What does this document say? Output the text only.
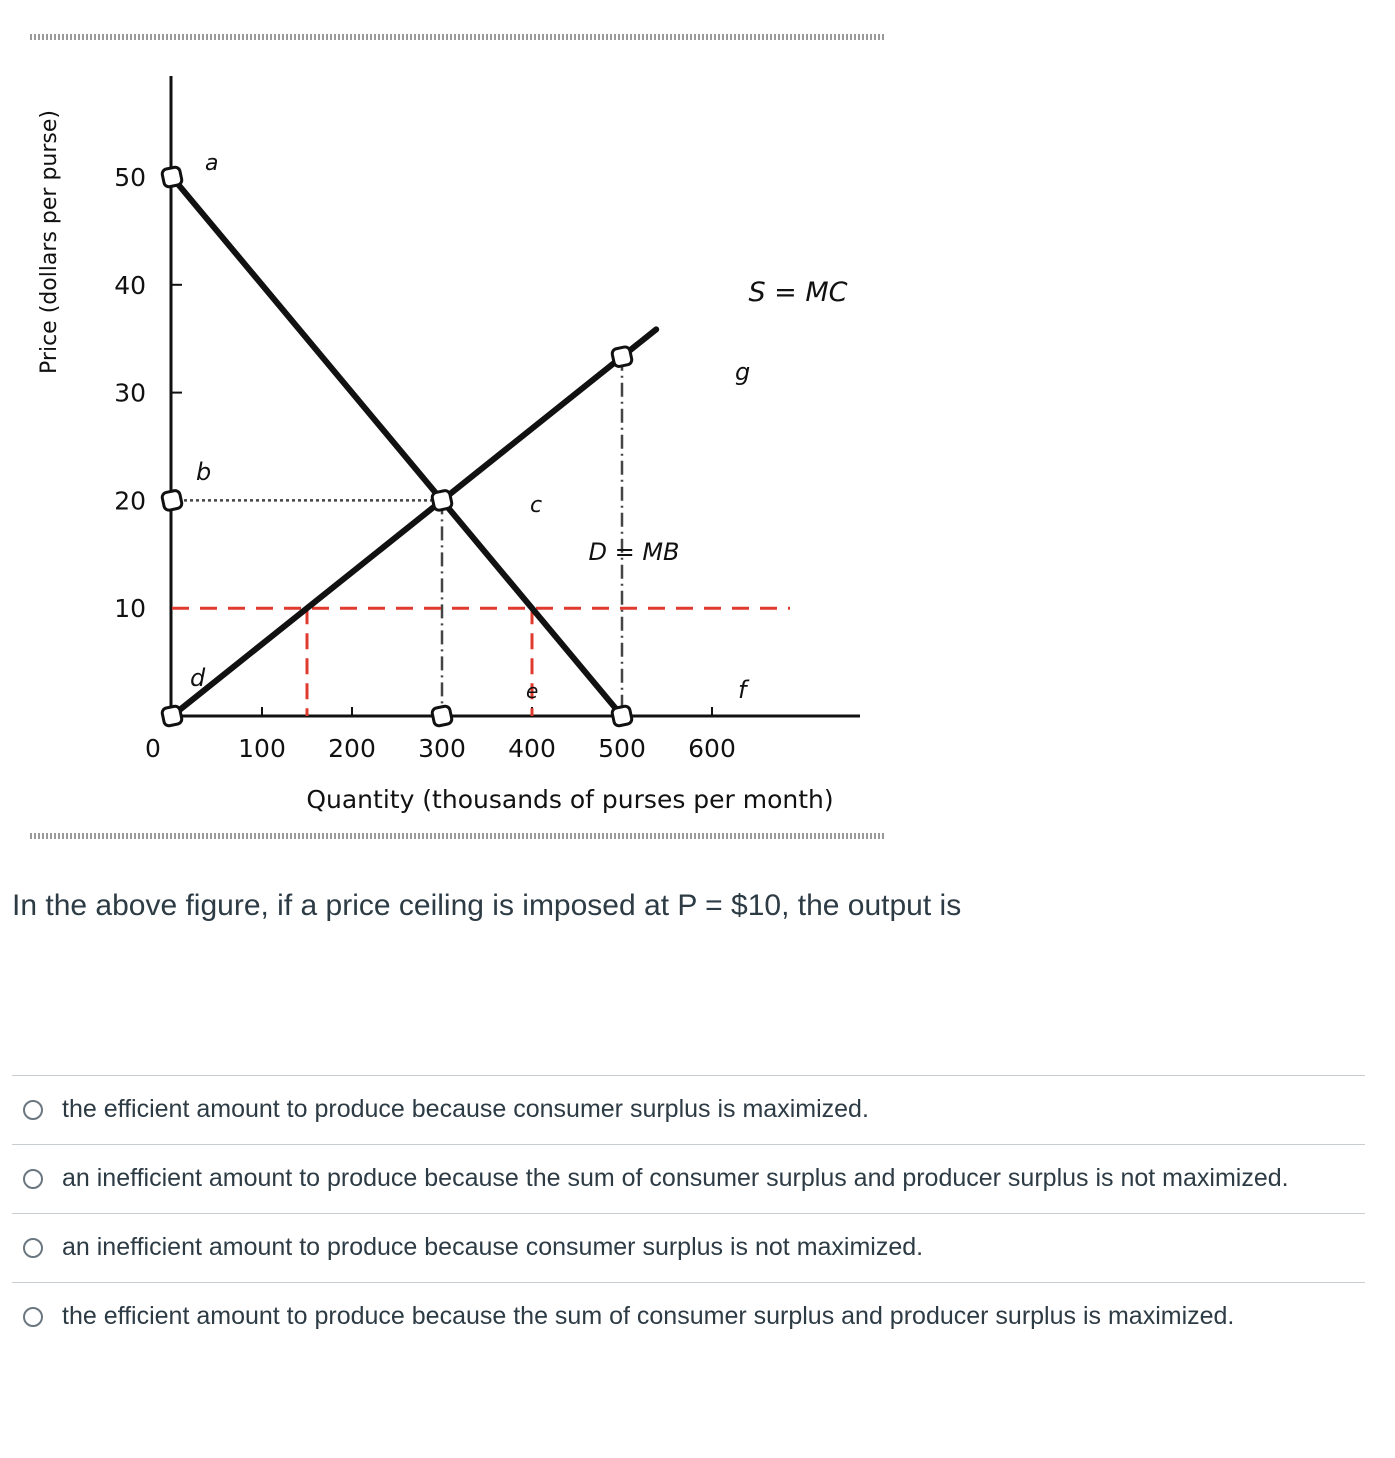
0	100 200 300 400 500 600
10
20
30
40
50
Price (dollars per purse)
Quantity (thousands of purses per month)
S = MC
D = MB
a
b
c
d	e	f
g
In the above figure, if a price ceiling is imposed at P = $10, the output is
the efficient amount to produce because consumer surplus is maximized.
an inefficient amount to produce because the sum of consumer surplus and producer surplus is not maximized.
an inefficient amount to produce because consumer surplus is not maximized.
the efficient amount to produce because the sum of consumer surplus and producer surplus is maximized.
